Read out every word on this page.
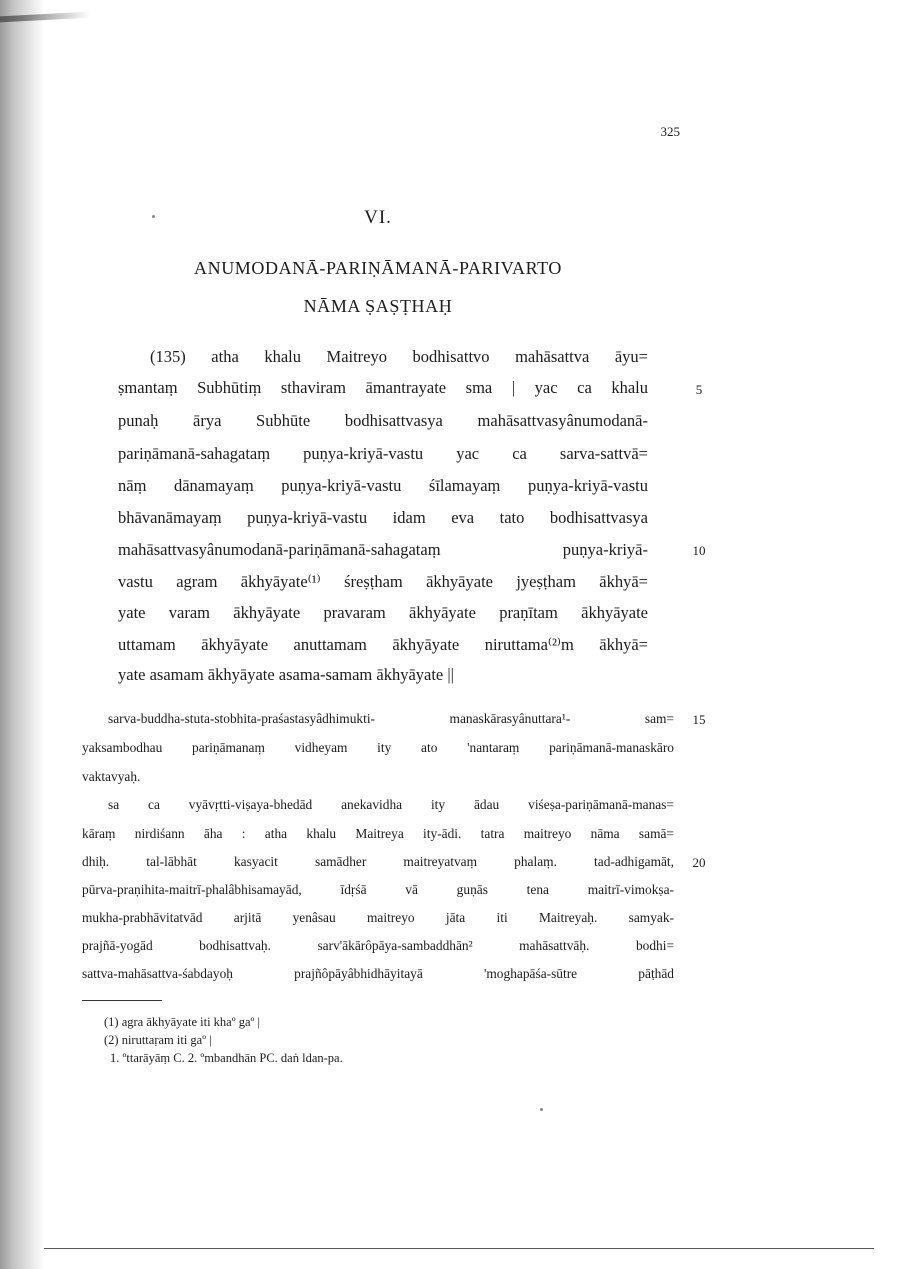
325
VI.
ANUMODANĀ-PARIṆĀMANĀ-PARIVARTO
NĀMA ṢAṢṬHAḤ
(135) atha khalu Maitreyo bodhisattvo mahāsattva āyu=
ṣmantaṃ Subhūtiṃ sthaviram āmantrayate sma | yac ca khalu
punaḥ ārya Subhūte bodhisattvasya mahāsattvasyânumodanā-
pariṇāmanā-sahagataṃ puṇya-kriyā-vastu yac ca sarva-sattvā=
nāṃ dānamayaṃ puṇya-kriyā-vastu śīlamayaṃ puṇya-kriyā-vastu
bhāvanāmayaṃ puṇya-kriyā-vastu idam eva tato bodhisattvasya
mahāsattvasyânumodanā-pariṇāmanā-sahagataṃ puṇya-kriyā-
vastu agram ākhyāyate⁽¹⁾ śreṣṭham ākhyāyate jyeṣṭham ākhyā=
yate varam ākhyāyate pravaram ākhyāyate praṇītam ākhyāyate
uttamam ākhyāyate anuttamam ākhyāyate niruttama⁽²⁾m ākhyā=
yate asamam ākhyāyate asama-samam ākhyāyate ||
5
10
sarva-buddha-stuta-stobhita-praśastasyâdhimukti- manaskārasyânuttara¹- sam=
yaksambodhau pariṇāmanaṃ vidheyam ity ato 'nantaraṃ pariṇāmanā-manaskāro
vaktavyaḥ.
sa ca vyāvṛtti-viṣaya-bhedād anekavidha ity ādau viśeṣa-pariṇāmanā-manas=
kāraṃ nirdiśann āha : atha khalu Maitreya ity-ādi. tatra maitreyo nāma samā=
dhiḥ. tal-lābhāt kasyacit samādher maitreyatvaṃ phalaṃ. tad-adhigamāt,
pūrva-praṇihita-maitrī-phalâbhisamayād, īdṛśā vā guṇās tena maitrī-vimokṣa-
mukha-prabhāvitatvād arjitā yenâsau maitreyo jāta iti Maitreyaḥ. samyak-
prajñā-yogād bodhisattvaḥ. sarv'ākārôpāya-sambaddhān² mahāsattvāḥ. bodhi=
sattva-mahāsattva-śabdayoḥ prajñôpāyâbhidhāyitayā 'moghapāśa-sūtre pāṭhād
15
20
(1) agra ākhyāyate iti khaº gaº |
(2) niruttaṛam iti gaº |
1. ºttarāyāṃ C. 2. ºmbandhān PC. daṅ ldan-pa.
